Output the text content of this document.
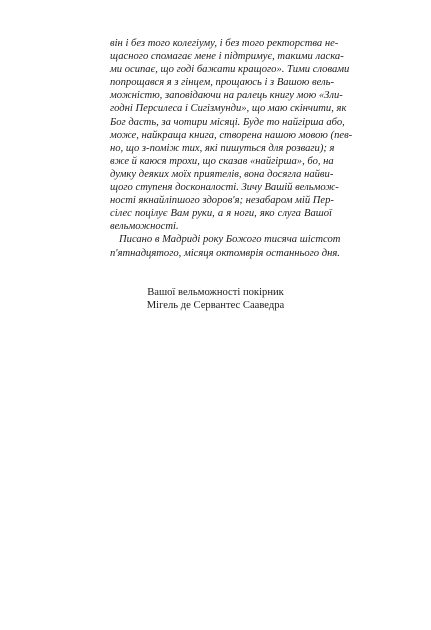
він і без того колегіуму, і без того ректорства не-
щасного спомагає мене і підтримує, такими ласка-
ми осипає, що годі бажати кращого». Тими словами
попрощався я з гінцем, прощаюсь і з Вашою вель-
можністю, заповідаючи на ралець книгу мою «Зли-
годні Персилеса і Сигізмунди», що маю скінчити, як
Бог дасть, за чотири місяці. Буде то найгірша або,
може, найкраща книга, створена нашою мовою (пев-
но, що з-поміж тих, які пишуться для розваги); я
вже й каюся трохи, що сказав «найгірша», бо, на
думку деяких моїх приятелів, вона досягла найви-
щого ступеня досконалості. Зичу Вашій вельмож-
ності якнайліпшого здоров'я; незабаром мій Пер-
сілес поцілує Вам руки, а я ноги, яко слуга Вашої
вельможності.
Писано в Мадриді року Божого тисяча шістсот
п'ятнадцятого, місяця октомврія останнього дня.
Вашої вельможності покірник
Мігель де Сервантес Сааведра
